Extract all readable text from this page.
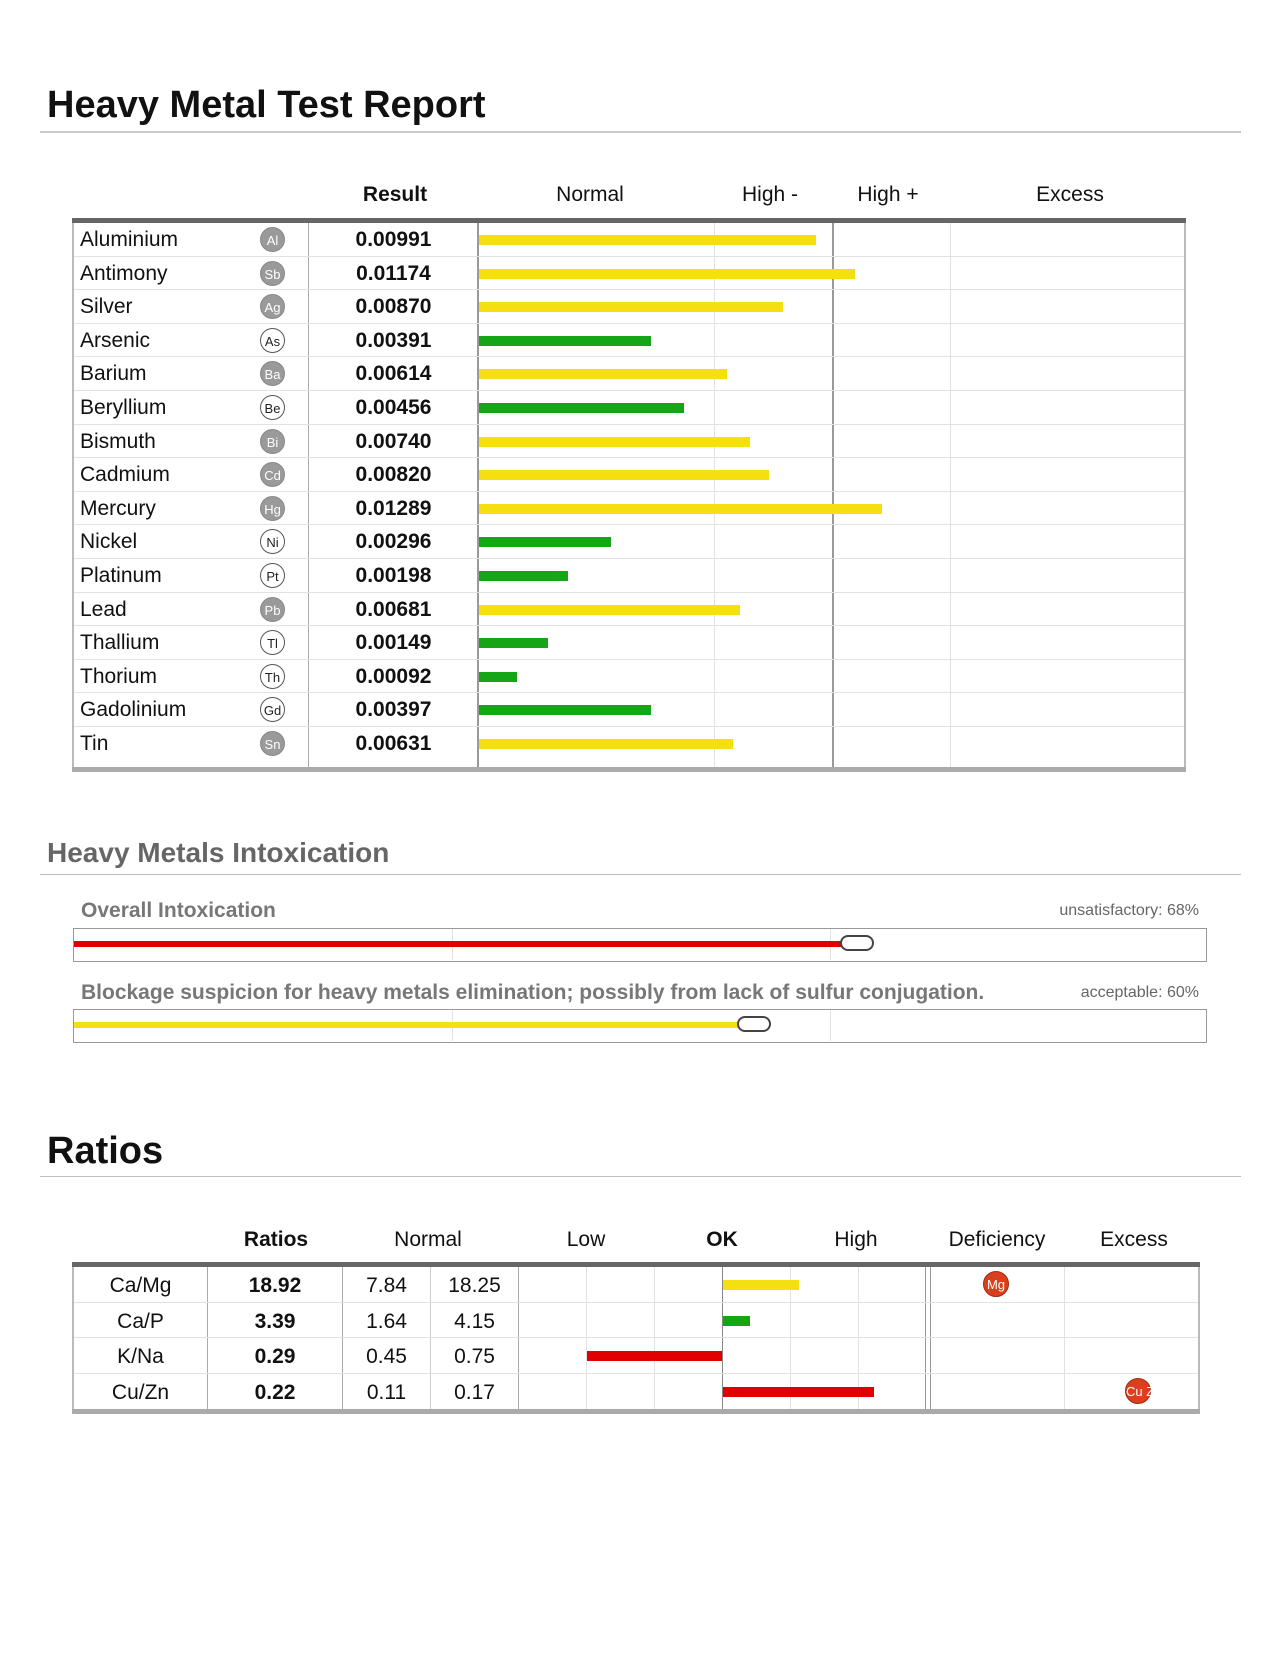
Heavy Metal Test Report
Result	Normal	High -	High +	Excess
Aluminium	Al	0.00991
Antimony	Sb	0.01174
Silver	Ag	0.00870
Arsenic	As	0.00391
Barium	Ba	0.00614
Beryllium	Be	0.00456
Bismuth	Bi	0.00740
Cadmium	Cd	0.00820
Mercury	Hg	0.01289
Nickel	Ni	0.00296
Platinum	Pt	0.00198
Lead	Pb	0.00681
Thallium	Tl	0.00149
Thorium	Th	0.00092
Gadolinium	Gd	0.00397
Tin	Sn	0.00631
Heavy Metals Intoxication
Overall Intoxication	unsatisfactory: 68%
Blockage suspicion for heavy metals elimination; possibly from lack of sulfur conjugation.	acceptable: 60%
Ratios
Ratios	Normal	Low	OK	High	Deficiency	Excess
Ca/Mg	18.92	7.84	18.25	Mg
Ca/P	3.39	1.64	4.15
K/Na	0.29	0.45	0.75
Cu/Zn	0.22	0.11	0.17	Cu Zn
